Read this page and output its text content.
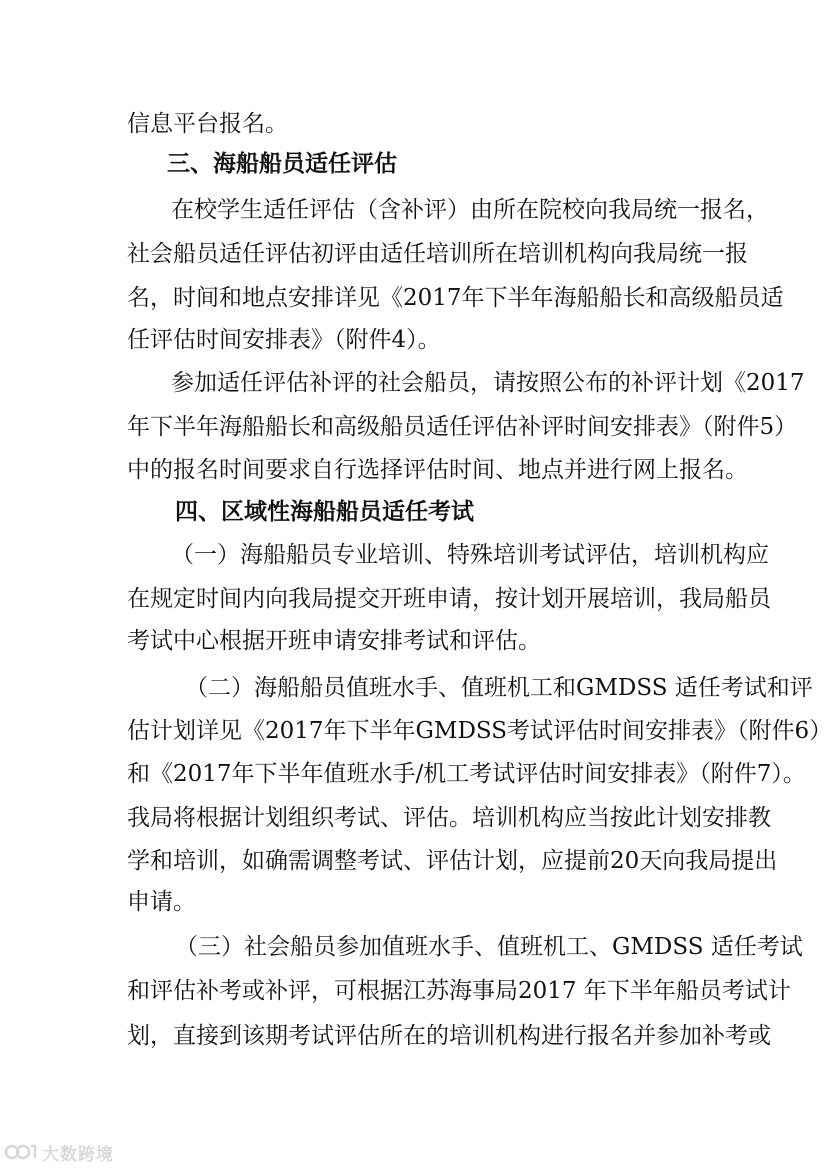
信息平台报名。
三、海船船员适任评估
在校学生适任评估（含补评）由所在院校向我局统一报名，
社会船员适任评估初评由适任培训所在培训机构向我局统一报
名，时间和地点安排详见《2017年下半年海船船长和高级船员适
任评估时间安排表》（附件4）。
参加适任评估补评的社会船员，请按照公布的补评计划《2017
年下半年海船船长和高级船员适任评估补评时间安排表》（附件5）
中的报名时间要求自行选择评估时间、地点并进行网上报名。
四、区域性海船船员适任考试
（一）海船船员专业培训、特殊培训考试评估，培训机构应
在规定时间内向我局提交开班申请，按计划开展培训，我局船员
考试中心根据开班申请安排考试和评估。
（二）海船船员值班水手、值班机工和GMDSS 适任考试和评
估计划详见《2017年下半年GMDSS考试评估时间安排表》（附件6）
和《2017年下半年值班水手/机工考试评估时间安排表》（附件7）。
我局将根据计划组织考试、评估。培训机构应当按此计划安排教
学和培训，如确需调整考试、评估计划，应提前20天向我局提出
申请。
（三）社会船员参加值班水手、值班机工、GMDSS 适任考试
和评估补考或补评，可根据江苏海事局2017 年下半年船员考试计
划，直接到该期考试评估所在的培训机构进行报名并参加补考或
大数跨境
